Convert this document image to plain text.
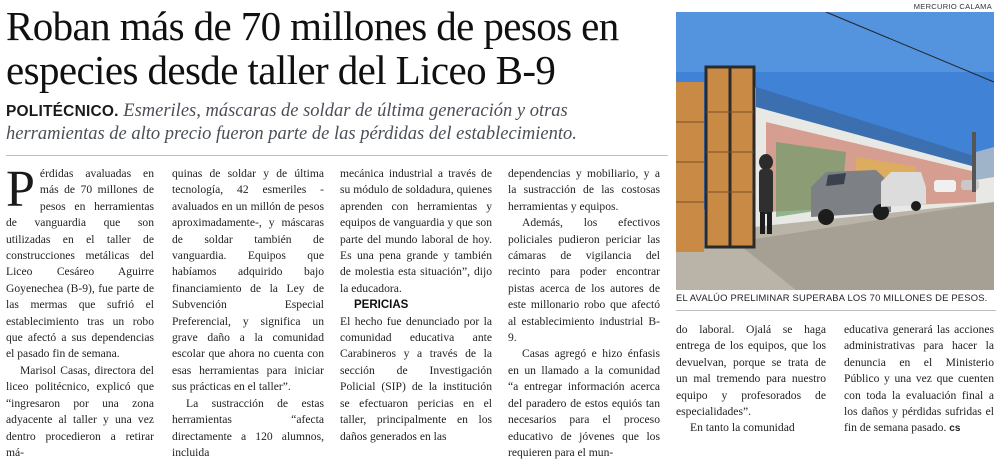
Roban más de 70 millones de pesos en especies desde taller del Liceo B-9

POLITÉCNICO. Esmeriles, máscaras de soldar de última generación y otras herramientas de alto precio fueron parte de las pérdidas del establecimiento.

Pérdidas avaluadas en más de 70 millones de pesos en herramientas de vanguardia que son utilizadas en el taller de construcciones metálicas del Liceo Cesáreo Aguirre Goyenechea (B-9), fue parte de las mermas que sufrió el establecimiento tras un robo que afectó a sus dependencias el pasado fin de semana.

Marisol Casas, directora del liceo politécnico, explicó que “ingresaron por una zona adyacente al taller y una vez dentro procedieron a retirar má-

quinas de soldar y de última tecnología, 42 esmeriles -avaluados en un millón de pesos aproximadamente-, y máscaras de soldar también de vanguardia. Equipos que habíamos adquirido bajo financiamiento de la Ley de Subvención Especial Preferencial, y significa un grave daño a la comunidad escolar que ahora no cuenta con esas herramientas para iniciar sus prácticas en el taller”.

La sustracción de estas herramientas “afecta directamente a 120 alumnos, incluida

mecánica industrial a través de su módulo de soldadura, quienes aprenden con herramientas y equipos de vanguardia y que son parte del mundo laboral de hoy. Es una pena grande y también de molestia esta situación”, dijo la educadora.

PERICIAS

El hecho fue denunciado por la comunidad educativa ante Carabineros y a través de la sección de Investigación Policial (SIP) de la institución se efectuaron pericias en el taller, principalmente en los daños generados en las

dependencias y mobiliario, y a la sustracción de las costosas herramientas y equipos.

Además, los efectivos policiales pudieron periciar las cámaras de vigilancia del recinto para poder encontrar pistas acerca de los autores de este millonario robo que afectó al establecimiento industrial B-9.

Casas agregó e hizo énfasis en un llamado a la comunidad “a entregar información acerca del paradero de estos equiós tan necesarios para el proceso educativo de jóvenes que los requieren para el mun-

MERCURIO CALAMA
EL AVALÚO PRELIMINAR SUPERABA LOS 70 MILLONES DE PESOS.

do laboral. Ojalá se haga entrega de los equipos, que los devuelvan, porque se trata de un mal tremendo para nuestro equipo y profesorados de especialidades”.

En tanto la comunidad

educativa generará las acciones administrativas para hacer la denuncia en el Ministerio Público y una vez que cuenten con toda la evaluación final a los daños y pérdidas sufridas el fin de semana pasado. cs
